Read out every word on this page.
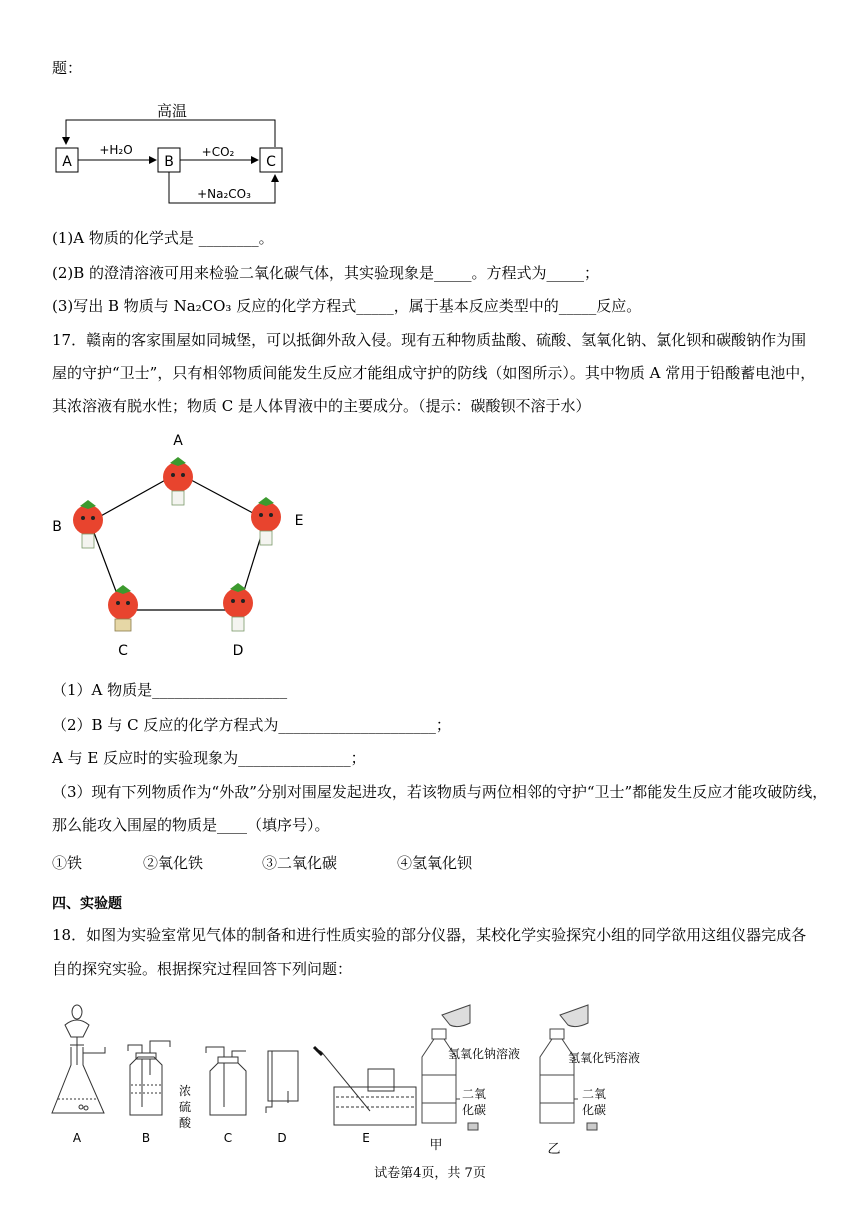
题：
高温
A	B	C
+H₂O	+CO₂
+Na₂CO₃
(1)A 物质的化学式是 ________。
(2)B 的澄清溶液可用来检验二氧化碳气体，其实验现象是_____。方程式为_____；
(3)写出 B 物质与 Na₂CO₃ 反应的化学方程式_____，属于基本反应类型中的_____反应。
17．赣南的客家围屋如同城堡，可以抵御外敌入侵。现有五种物质盐酸、硫酸、氢氧化钠、氯化钡和碳酸钠作为围
屋的守护“卫士”，只有相邻物质间能发生反应才能组成守护的防线（如图所示）。其中物质 A 常用于铅酸蓄电池中，
其浓溶液有脱水性；物质 C 是人体胃液中的主要成分。（提示：碳酸钡不溶于水）
A
B
C	D
E
（1）A 物质是__________________
（2）B 与 C 反应的化学方程式为_____________________；
A 与 E 反应时的实验现象为_______________；
（3）现有下列物质作为“外敌”分别对围屋发起进攻，若该物质与两位相邻的守护“卫士”都能发生反应才能攻破防线，
那么能攻入围屋的物质是____（填序号）。
①铁	②氧化铁	③二氧化碳	④氢氧化钡
四、实验题
18．如图为实验室常见气体的制备和进行性质实验的部分仪器，某校化学实验探究小组的同学欲用这组仪器完成各
自的探究实验。根据探究过程回答下列问题：
A
浓
硫
酸
B	C	D	E
氢氧化钠溶液
二氧
化碳
甲
氢氧化钙溶液
二氧
化碳
乙
试卷第4页，共 7页
